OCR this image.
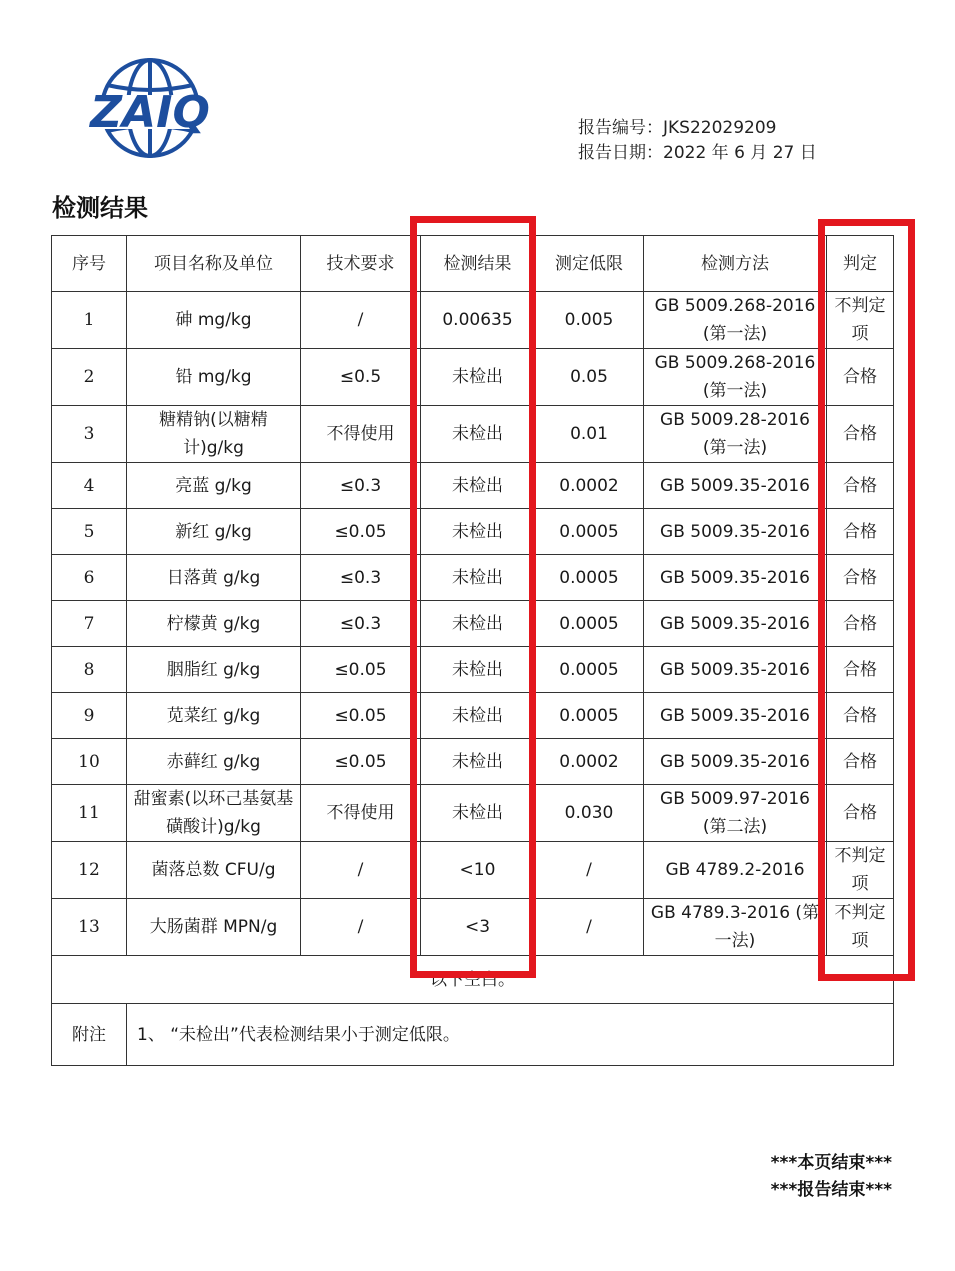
ZAIQ	报告编号：JKS22029209
报告日期：2022 年 6 月 27 日
检测结果
序号	项目名称及单位	技术要求	检测结果	测定低限	检测方法	判定
1	砷 mg/kg	/	0.00635	0.005	GB 5009.268-2016 (第一法)	不判定项
2	铅 mg/kg	≤0.5	未检出	0.05	GB 5009.268-2016 (第一法)	合格
3	糖精钠(以糖精计)g/kg	不得使用	未检出	0.01	GB 5009.28-2016 (第一法)	合格
4	亮蓝 g/kg	≤0.3	未检出	0.0002	GB 5009.35-2016	合格
5	新红 g/kg	≤0.05	未检出	0.0005	GB 5009.35-2016	合格
6	日落黄 g/kg	≤0.3	未检出	0.0005	GB 5009.35-2016	合格
7	柠檬黄 g/kg	≤0.3	未检出	0.0005	GB 5009.35-2016	合格
8	胭脂红 g/kg	≤0.05	未检出	0.0005	GB 5009.35-2016	合格
9	苋菜红 g/kg	≤0.05	未检出	0.0005	GB 5009.35-2016	合格
10	赤藓红 g/kg	≤0.05	未检出	0.0002	GB 5009.35-2016	合格
11	甜蜜素(以环己基氨基磺酸计)g/kg	不得使用	未检出	0.030	GB 5009.97-2016 (第二法)	合格
12	菌落总数 CFU/g	/	<10	/	GB 4789.2-2016	不判定项
13	大肠菌群 MPN/g	/	<3	/	GB 4789.3-2016 (第一法)	不判定项
以下空白。						
附注	1、 “未检出”代表检测结果小于测定低限。					
***本页结束***
***报告结束***
